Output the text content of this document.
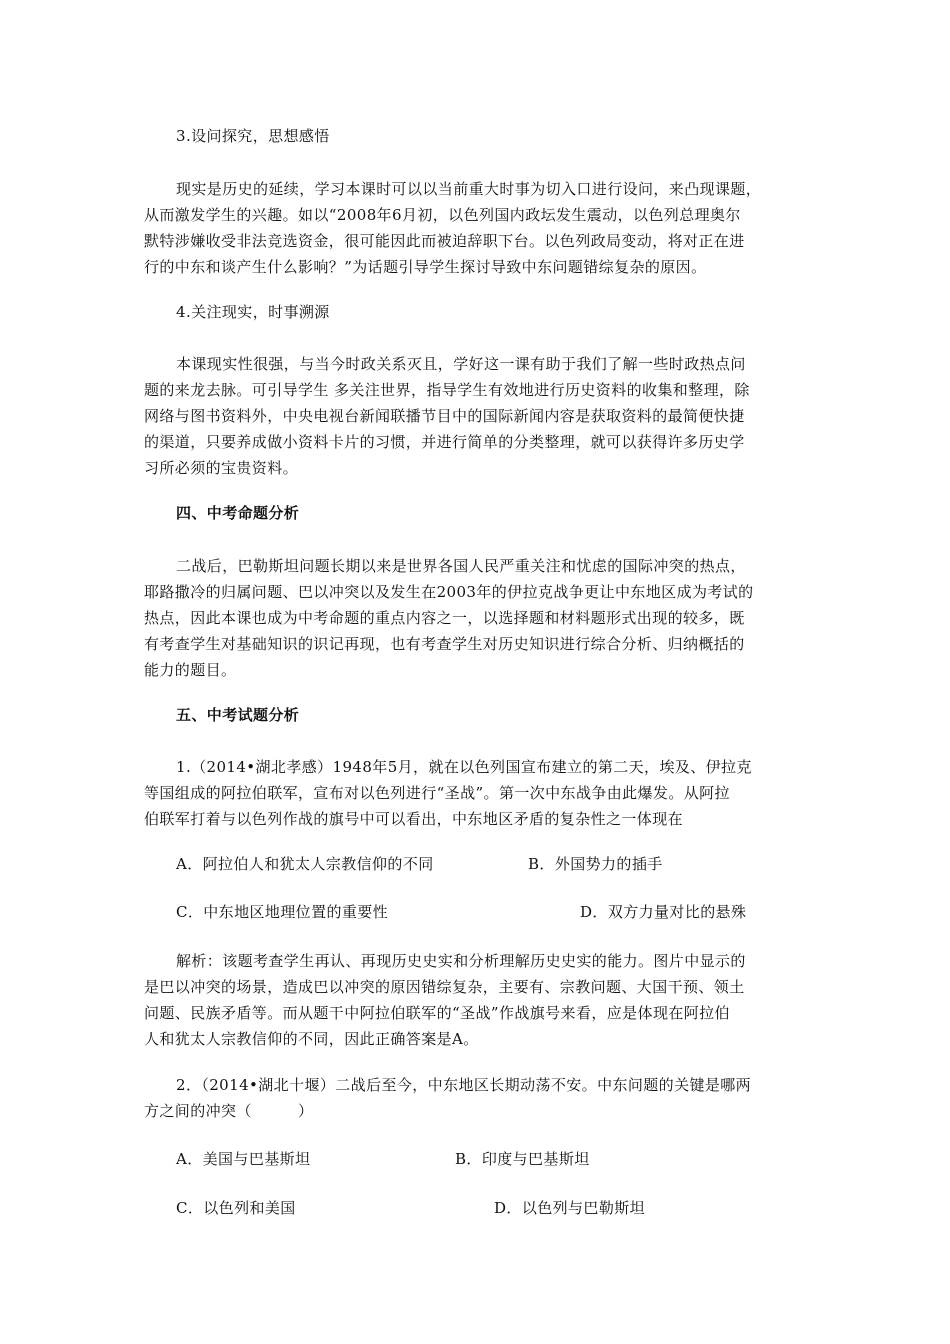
3.设问探究，思想感悟
现实是历史的延续，学习本课时可以以当前重大时事为切入口进行设问，来凸现课题，
从而激发学生的兴趣。如以“2008年6月初，以色列国内政坛发生震动，以色列总理奥尔
默特涉嫌收受非法竞选资金，很可能因此而被迫辞职下台。以色列政局变动，将对正在进
行的中东和谈产生什么影响？”为话题引导学生探讨导致中东问题错综复杂的原因。
4.关注现实，时事溯源
本课现实性很强，与当今时政关系灭且，学好这一课有助于我们了解一些时政热点问
题的来龙去脉。可引导学生 多关注世界，指导学生有效地进行历史资料的收集和整理，除
网络与图书资料外，中央电视台新闻联播节目中的国际新闻内容是获取资料的最简便快捷
的渠道，只要养成做小资料卡片的习惯，并进行简单的分类整理，就可以获得许多历史学
习所必须的宝贵资料。
四、中考命题分析
二战后，巴勒斯坦问题长期以来是世界各国人民严重关注和忧虑的国际冲突的热点，
耶路撒冷的归属问题、巴以冲突以及发生在2003年的伊拉克战争更让中东地区成为考试的
热点，因此本课也成为中考命题的重点内容之一，以选择题和材料题形式出现的较多，既
有考查学生对基础知识的识记再现，也有考查学生对历史知识进行综合分析、归纳概括的
能力的题目。
五、中考试题分析
1.（2014•湖北孝感）1948年5月，就在以色列国宣布建立的第二天，埃及、伊拉克
等国组成的阿拉伯联军，宣布对以色列进行“圣战”。第一次中东战争由此爆发。从阿拉
伯联军打着与以色列作战的旗号中可以看出，中东地区矛盾的复杂性之一体现在
A．阿拉伯人和犹太人宗教信仰的不同	B．外国势力的插手
C．中东地区地理位置的重要性	D．双方力量对比的悬殊
解析：该题考查学生再认、再现历史史实和分析理解历史史实的能力。图片中显示的
是巴以冲突的场景，造成巴以冲突的原因错综复杂，主要有、宗教问题、大国干预、领土
问题、民族矛盾等。而从题干中阿拉伯联军的“圣战”作战旗号来看，应是体现在阿拉伯
人和犹太人宗教信仰的不同，因此正确答案是A。
2．（2014•湖北十堰）二战后至今，中东地区长期动荡不安。中东问题的关键是哪两
方之间的冲突（　　　）
A．美国与巴基斯坦	B．印度与巴基斯坦
C．以色列和美国	D．以色列与巴勒斯坦
